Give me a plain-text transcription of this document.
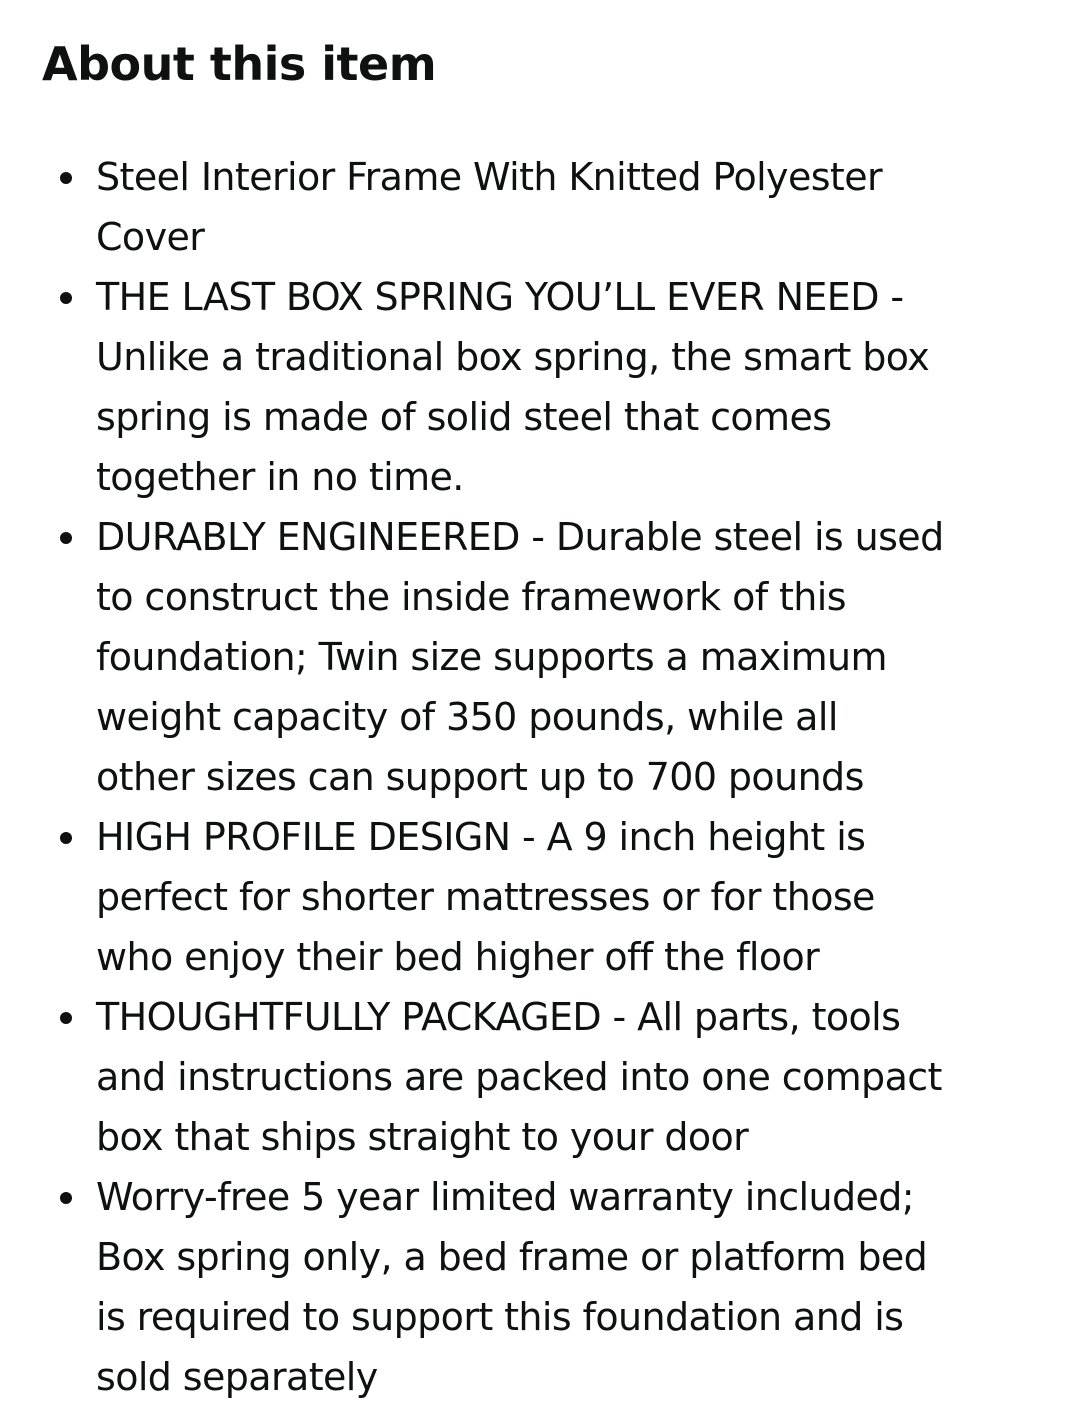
About this item
Steel Interior Frame With Knitted Polyester
Cover
THE LAST BOX SPRING YOU’LL EVER NEED -
Unlike a traditional box spring, the smart box
spring is made of solid steel that comes
together in no time.
DURABLY ENGINEERED - Durable steel is used
to construct the inside framework of this
foundation; Twin size supports a maximum
weight capacity of 350 pounds, while all
other sizes can support up to 700 pounds
HIGH PROFILE DESIGN - A 9 inch height is
perfect for shorter mattresses or for those
who enjoy their bed higher off the floor
THOUGHTFULLY PACKAGED - All parts, tools
and instructions are packed into one compact
box that ships straight to your door
Worry-free 5 year limited warranty included;
Box spring only, a bed frame or platform bed
is required to support this foundation and is
sold separately
